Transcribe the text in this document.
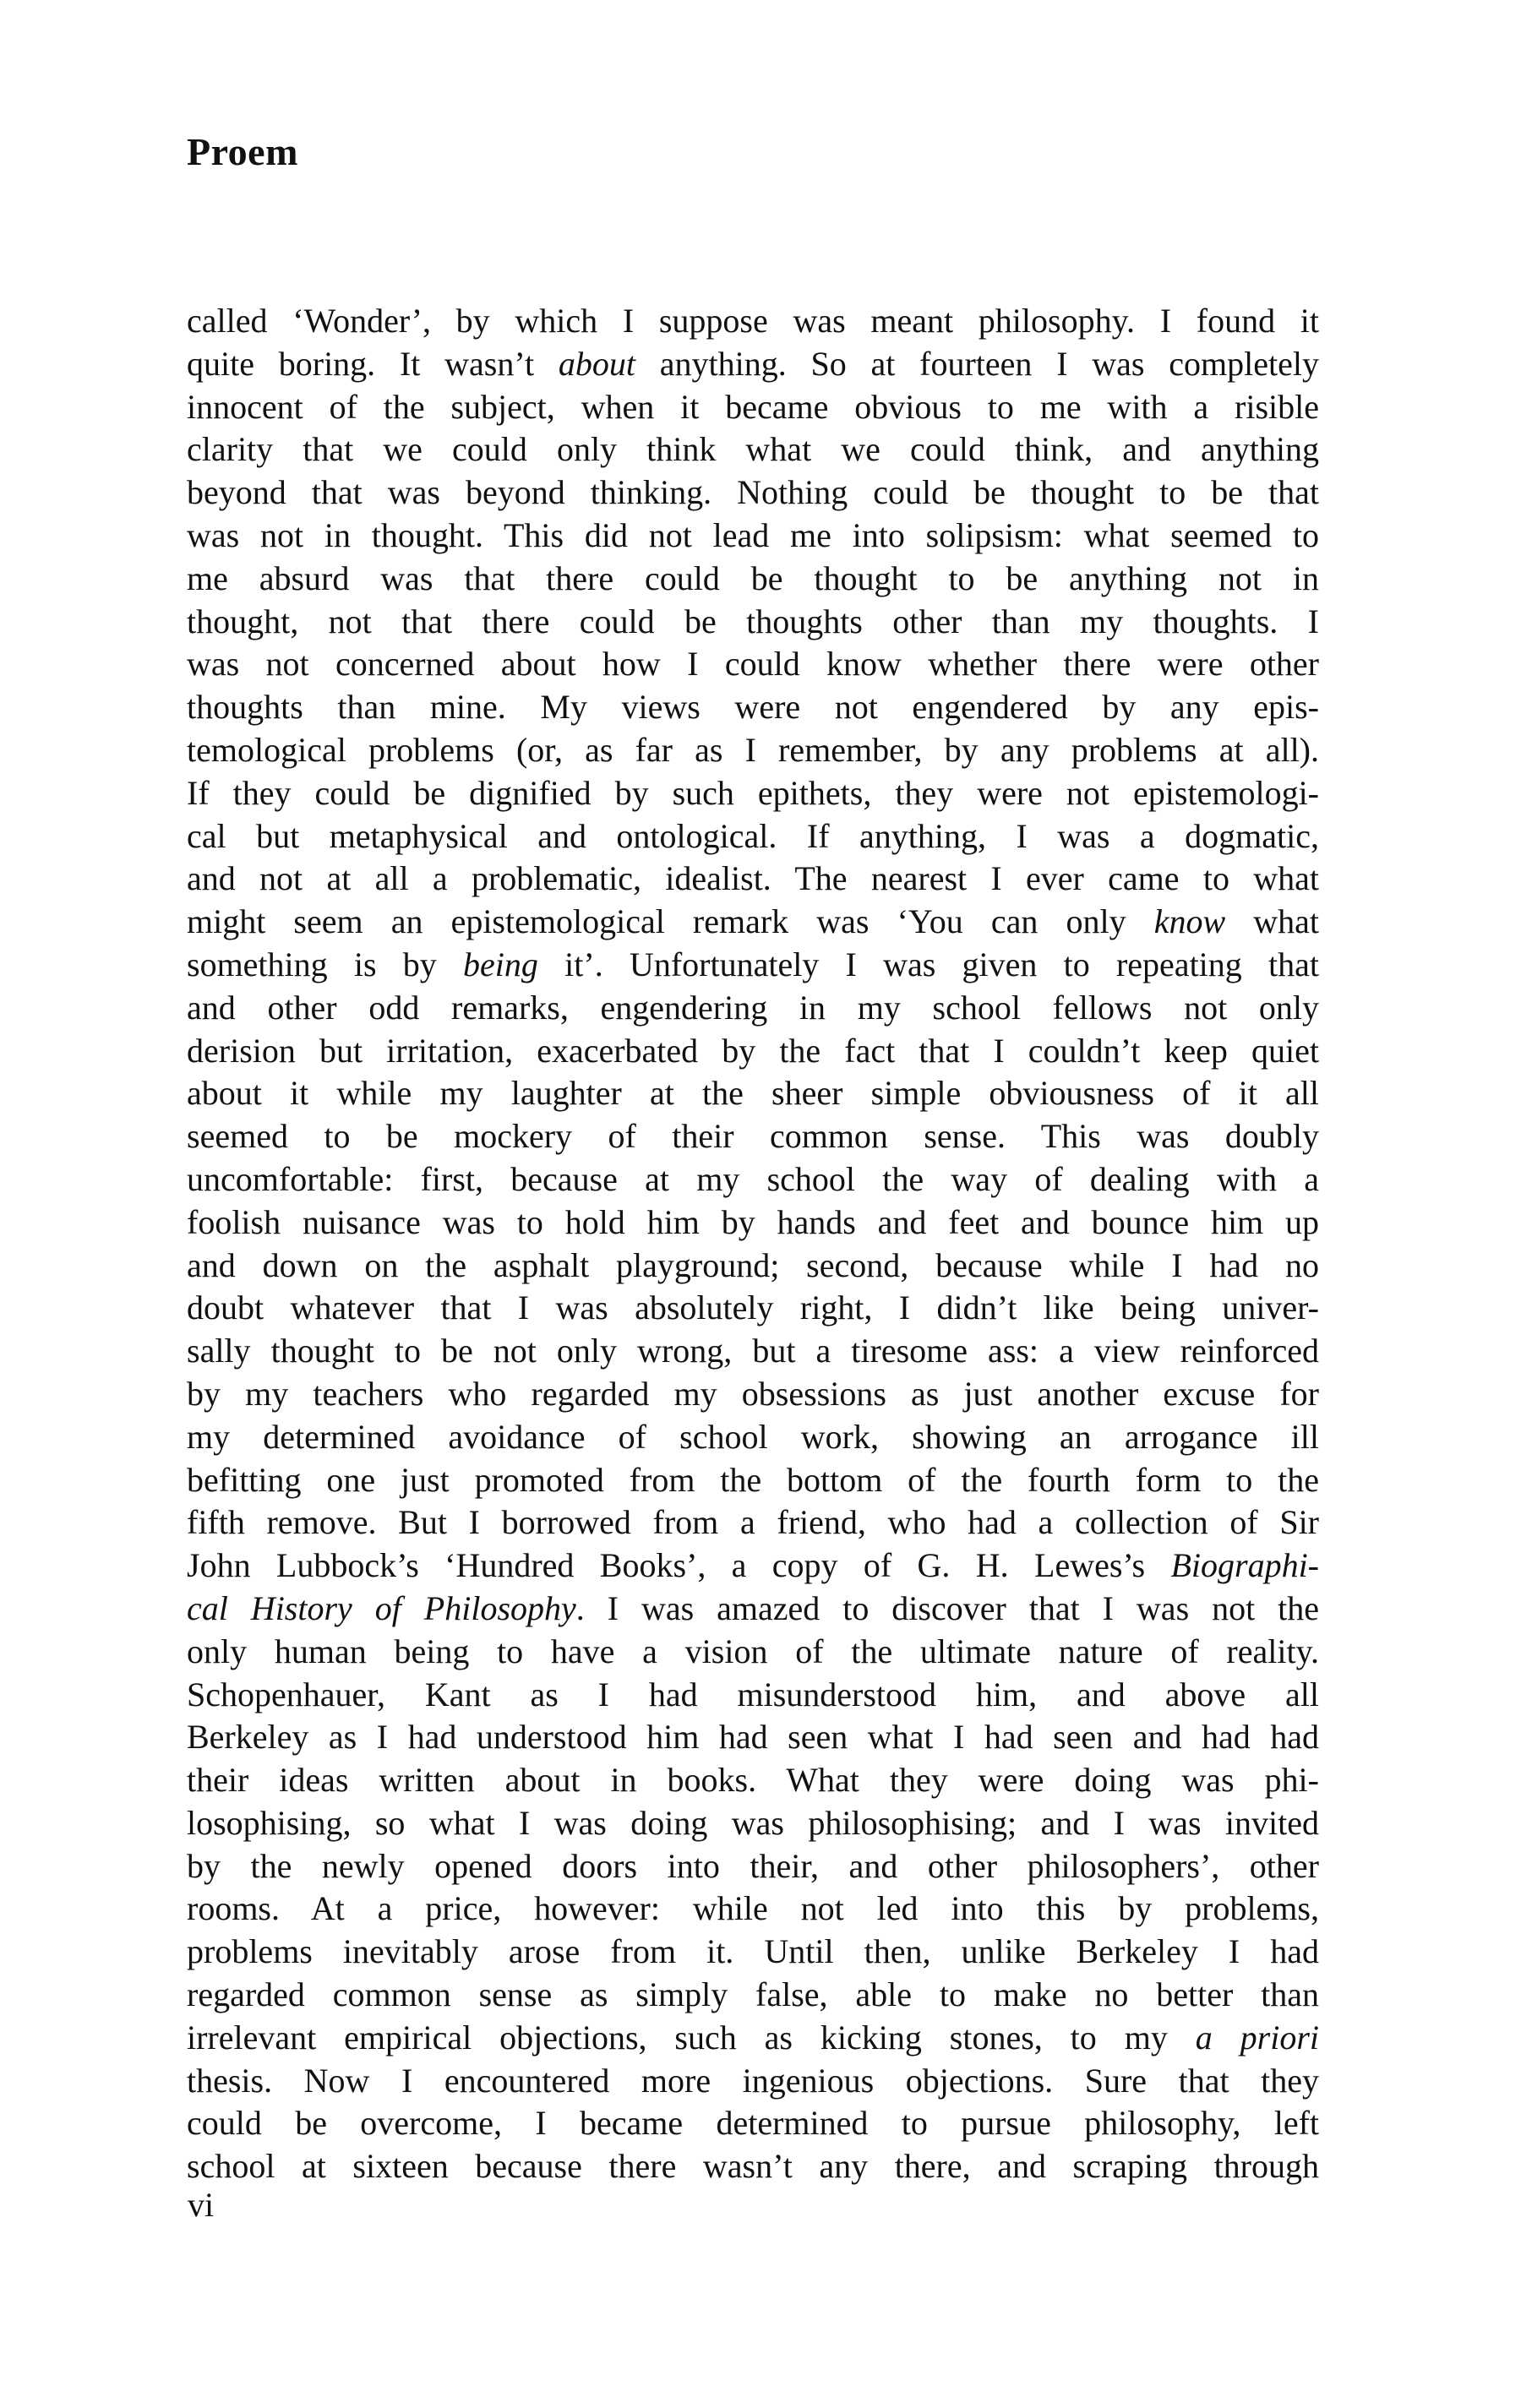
Proem
called ‘Wonder’, by which I suppose was meant philosophy. I found it
quite boring. It wasn’t about anything. So at fourteen I was completely
innocent of the subject, when it became obvious to me with a risible
clarity that we could only think what we could think, and anything
beyond that was beyond thinking. Nothing could be thought to be that
was not in thought. This did not lead me into solipsism: what seemed to
me absurd was that there could be thought to be anything not in
thought, not that there could be thoughts other than my thoughts. I
was not concerned about how I could know whether there were other
thoughts than mine. My views were not engendered by any epis-
temological problems (or, as far as I remember, by any problems at all).
If they could be dignified by such epithets, they were not epistemologi-
cal but metaphysical and ontological. If anything, I was a dogmatic,
and not at all a problematic, idealist. The nearest I ever came to what
might seem an epistemological remark was ‘You can only know what
something is by being it’. Unfortunately I was given to repeating that
and other odd remarks, engendering in my school fellows not only
derision but irritation, exacerbated by the fact that I couldn’t keep quiet
about it while my laughter at the sheer simple obviousness of it all
seemed to be mockery of their common sense. This was doubly
uncomfortable: first, because at my school the way of dealing with a
foolish nuisance was to hold him by hands and feet and bounce him up
and down on the asphalt playground; second, because while I had no
doubt whatever that I was absolutely right, I didn’t like being univer-
sally thought to be not only wrong, but a tiresome ass: a view reinforced
by my teachers who regarded my obsessions as just another excuse for
my determined avoidance of school work, showing an arrogance ill
befitting one just promoted from the bottom of the fourth form to the
fifth remove. But I borrowed from a friend, who had a collection of Sir
John Lubbock’s ‘Hundred Books’, a copy of G. H. Lewes’s Biographi-
cal History of Philosophy. I was amazed to discover that I was not the
only human being to have a vision of the ultimate nature of reality.
Schopenhauer, Kant as I had misunderstood him, and above all
Berkeley as I had understood him had seen what I had seen and had had
their ideas written about in books. What they were doing was phi-
losophising, so what I was doing was philosophising; and I was invited
by the newly opened doors into their, and other philosophers’, other
rooms. At a price, however: while not led into this by problems,
problems inevitably arose from it. Until then, unlike Berkeley I had
regarded common sense as simply false, able to make no better than
irrelevant empirical objections, such as kicking stones, to my a priori
thesis. Now I encountered more ingenious objections. Sure that they
could be overcome, I became determined to pursue philosophy, left
school at sixteen because there wasn’t any there, and scraping through
vi
